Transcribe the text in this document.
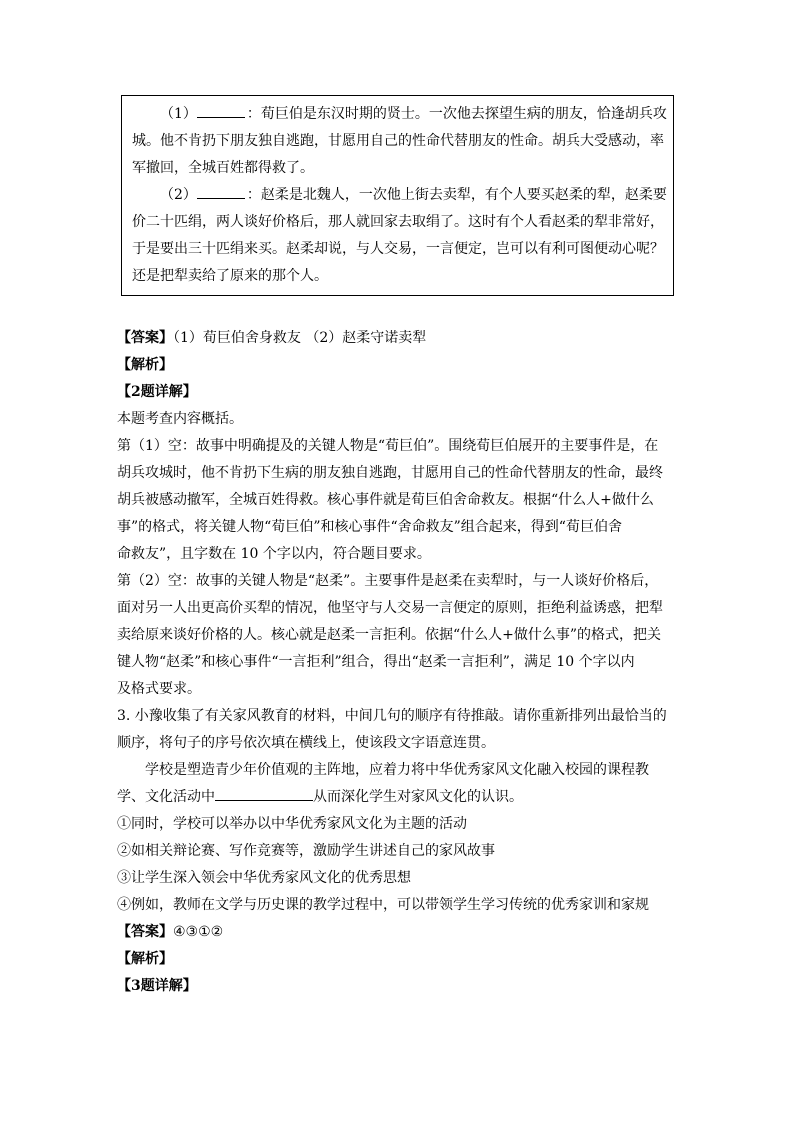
（1）	：荀巨伯是东汉时期的贤士。一次他去探望生病的朋友，恰逢胡兵攻

城。他不肯扔下朋友独自逃跑，甘愿用自己的性命代替朋友的性命。胡兵大受感动，率

军撤回，全城百姓都得救了。

（2）	：赵柔是北魏人，一次他上街去卖犁，有个人要买赵柔的犁，赵柔要

价二十匹绢，两人谈好价格后，那人就回家去取绢了。这时有个人看赵柔的犁非常好，

于是要出三十匹绢来买。赵柔却说，与人交易，一言便定，岂可以有利可图便动心呢？

还是把犁卖给了原来的那个人。

【答案】（1）荀巨伯舍身救友 （2）赵柔守诺卖犁

【解析】

【2题详解】

本题考查内容概括。

第（1）空：故事中明确提及的关键人物是“荀巨伯”。围绕荀巨伯展开的主要事件是，在

胡兵攻城时，他不肯扔下生病的朋友独自逃跑，甘愿用自己的性命代替朋友的性命，最终

胡兵被感动撤军，全城百姓得救。核心事件就是荀巨伯舍命救友。根据“什么人+做什么

事”的格式，将关键人物“荀巨伯”和核心事件“舍命救友”组合起来，得到“荀巨伯舍

命救友”，且字数在 10 个字以内，符合题目要求。

第（2）空：故事的关键人物是“赵柔”。主要事件是赵柔在卖犁时，与一人谈好价格后，

面对另一人出更高价买犁的情况，他坚守与人交易一言便定的原则，拒绝利益诱惑，把犁

卖给原来谈好价格的人。核心就是赵柔一言拒利。依据“什么人+做什么事”的格式，把关

键人物“赵柔”和核心事件“一言拒利”组合，得出“赵柔一言拒利”，满足 10 个字以内

及格式要求。

3. 小豫收集了有关家风教育的材料，中间几句的顺序有待推敲。请你重新排列出最恰当的

顺序，将句子的序号依次填在横线上，使该段文字语意连贯。

学校是塑造青少年价值观的主阵地，应着力将中华优秀家风文化融入校园的课程教

学、文化活动中	从而深化学生对家风文化的认识。

①同时，学校可以举办以中华优秀家风文化为主题的活动

②如相关辩论赛、写作竞赛等，激励学生讲述自己的家风故事

③让学生深入领会中华优秀家风文化的优秀思想

④例如，教师在文学与历史课的教学过程中，可以带领学生学习传统的优秀家训和家规

【答案】④③①②

【解析】

【3题详解】
